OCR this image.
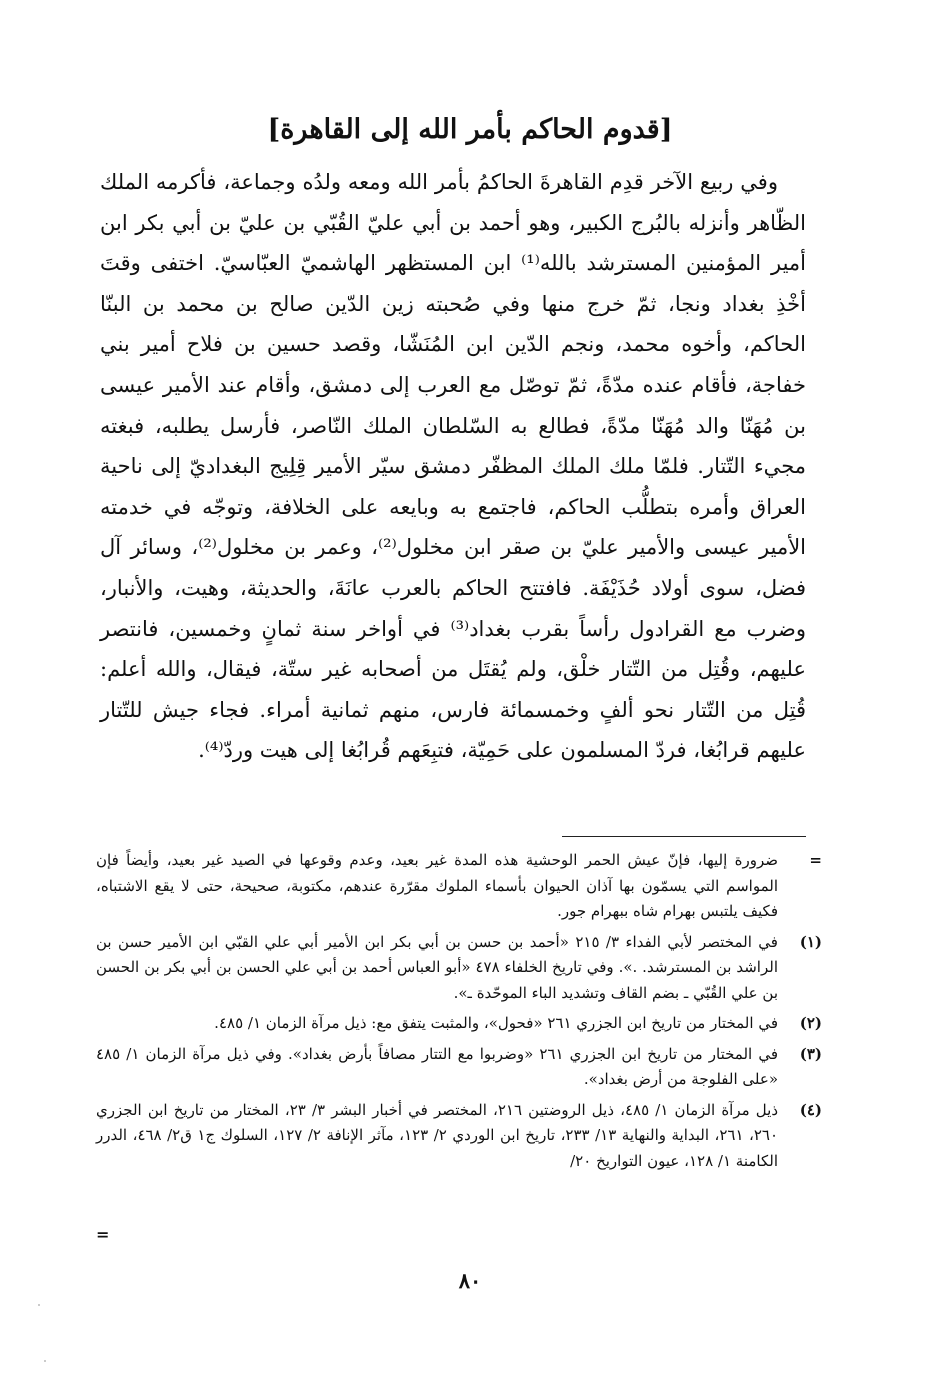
[قدوم الحاكم بأمر الله إلى القاهرة]

وفي ربيع الآخر قدِم القاهرةَ الحاكمُ بأمر الله ومعه ولدُه وجماعة، فأكرمه الملك الظّاهر وأنزله بالبُرج الكبير، وهو أحمد بن أبي عليّ القُبّي بن عليّ بن أبي بكر ابن أمير المؤمنين المسترشد بالله⁽¹⁾ ابن المستظهر الهاشميّ العبّاسيّ. اختفى وقتَ أخْذِ بغداد ونجا، ثمّ خرج منها وفي صُحبته زين الدّين صالح بن محمد بن البنّا الحاكم، وأخوه محمد، ونجم الدّين ابن المُنَشّا، وقصد حسين بن فلاح أمير بني خفاجة، فأقام عنده مدّةً، ثمّ توصّل مع العرب إلى دمشق، وأقام عند الأمير عيسى بن مُهَنّا والد مُهَنّا مدّةً، فطالع به السّلطان الملك النّاصر، فأرسل يطلبه، فبغته مجيء التّتار. فلمّا ملك الملك المظفّر دمشق سيّر الأمير قِلِيج البغداديّ إلى ناحية العراق وأمره بتطلُّب الحاكم، فاجتمع به وبايعه على الخلافة، وتوجّه في خدمته الأمير عيسى والأمير عليّ بن صقر ابن مخلول⁽²⁾، وعمر بن مخلول⁽²⁾، وسائر آل فضل، سوى أولاد حُذَيْفَة. فافتتح الحاكم بالعرب عانَةَ، والحديثة، وهيت، والأنبار، وضرب مع القرادول رأساً بقرب بغداد⁽³⁾ في أواخر سنة ثمانٍ وخمسين، فانتصر عليهم، وقُتِل من التّتار خلْق، ولم يُقتَل من أصحابه غير ستّة، فيقال، والله أعلم: قُتِل من التّتار نحو ألفٍ وخمسمائة فارس، منهم ثمانية أمراء. فجاء جيش للتّتار عليهم قرابُغا، فردّ المسلمون على حَمِيّة، فتبِعَهم قُرابُغا إلى هيت وردّ⁽⁴⁾.

=
ضرورة إليها، فإنّ عيش الحمر الوحشية هذه المدة غير بعيد، وعدم وقوعها في الصيد غير بعيد، وأيضاً فإن المواسم التي يسمّون بها آذان الحيوان بأسماء الملوك مقرّرة عندهم، مكتوبة، صحيحة، حتى لا يقع الاشتباه، فكيف يلتبس بهرام شاه ببهرام جور.
(١)
في المختصر لأبي الفداء ٣/ ٢١٥ «أحمد بن حسن بن أبي بكر ابن الأمير أبي علي القبّي ابن الأمير حسن بن الراشد بن المسترشد. .». وفي تاريخ الخلفاء ٤٧٨ «أبو العباس أحمد بن أبي علي الحسن بن أبي بكر بن الحسن بن علي القُبّي ـ بضم القاف وتشديد الباء الموحّدة ـ».
(٢)
في المختار من تاريخ ابن الجزري ٢٦١ «فحول»، والمثبت يتفق مع: ذيل مرآة الزمان ١/ ٤٨٥.
(٣)
في المختار من تاريخ ابن الجزري ٢٦١ «وضربوا مع التتار مصافاً بأرض بغداد». وفي ذيل مرآة الزمان ١/ ٤٨٥ «على الفلوجة من أرض بغداد».
(٤)
ذيل مرآة الزمان ١/ ٤٨٥، ذيل الروضتين ٢١٦، المختصر في أخبار البشر ٣/ ٢٣، المختار من تاريخ ابن الجزري ٢٦٠، ٢٦١، البداية والنهاية ١٣/ ٢٣٣، تاريخ ابن الوردي ٢/ ١٢٣، مآثر الإنافة ٢/ ١٢٧، السلوك ج١ ق٢/ ٤٦٨، الدرر الكامنة ١/ ١٢٨، عيون التواريخ ٢٠/
=
٨٠
